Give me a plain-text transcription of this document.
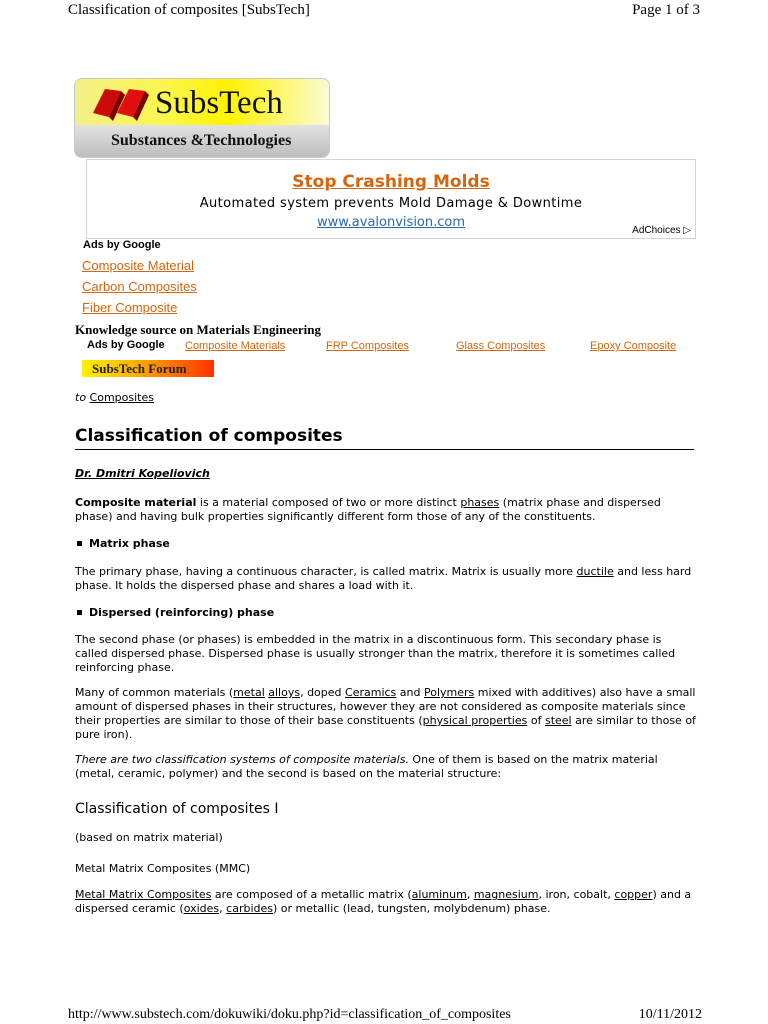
Classification of composites [SubsTech]	Page 1 of 3
SubsTech
Substances &Technologies
Stop Crashing Molds
Automated system prevents Mold Damage & Downtime
www.avalonvision.com
AdChoices ▷
Ads by Google
Composite Material
Carbon Composites
Fiber Composite
Knowledge source on Materials Engineering
Ads by Google Composite Materials	FRP Composites	Glass Composites	Epoxy Composite
SubsTech Forum
to Composites
Classification of composites
Dr. Dmitri Kopeliovich
Composite material is a material composed of two or more distinct phases (matrix phase and dispersed phase) and having bulk properties significantly different form those of any of the constituents.
Matrix phase
The primary phase, having a continuous character, is called matrix. Matrix is usually more ductile and less hard phase. It holds the dispersed phase and shares a load with it.
Dispersed (reinforcing) phase
The second phase (or phases) is embedded in the matrix in a discontinuous form. This secondary phase is called dispersed phase. Dispersed phase is usually stronger than the matrix, therefore it is sometimes called reinforcing phase.
Many of common materials (metal alloys, doped Ceramics and Polymers mixed with additives) also have a small amount of dispersed phases in their structures, however they are not considered as composite materials since their properties are similar to those of their base constituents (physical properties of steel are similar to those of pure iron).
There are two classification systems of composite materials. One of them is based on the matrix material (metal, ceramic, polymer) and the second is based on the material structure:
Classification of composites I
(based on matrix material)
Metal Matrix Composites (MMC)
Metal Matrix Composites are composed of a metallic matrix (aluminum, magnesium, iron, cobalt, copper) and a dispersed ceramic (oxides, carbides) or metallic (lead, tungsten, molybdenum) phase.
http://www.substech.com/dokuwiki/doku.php?id=classification_of_composites	10/11/2012
